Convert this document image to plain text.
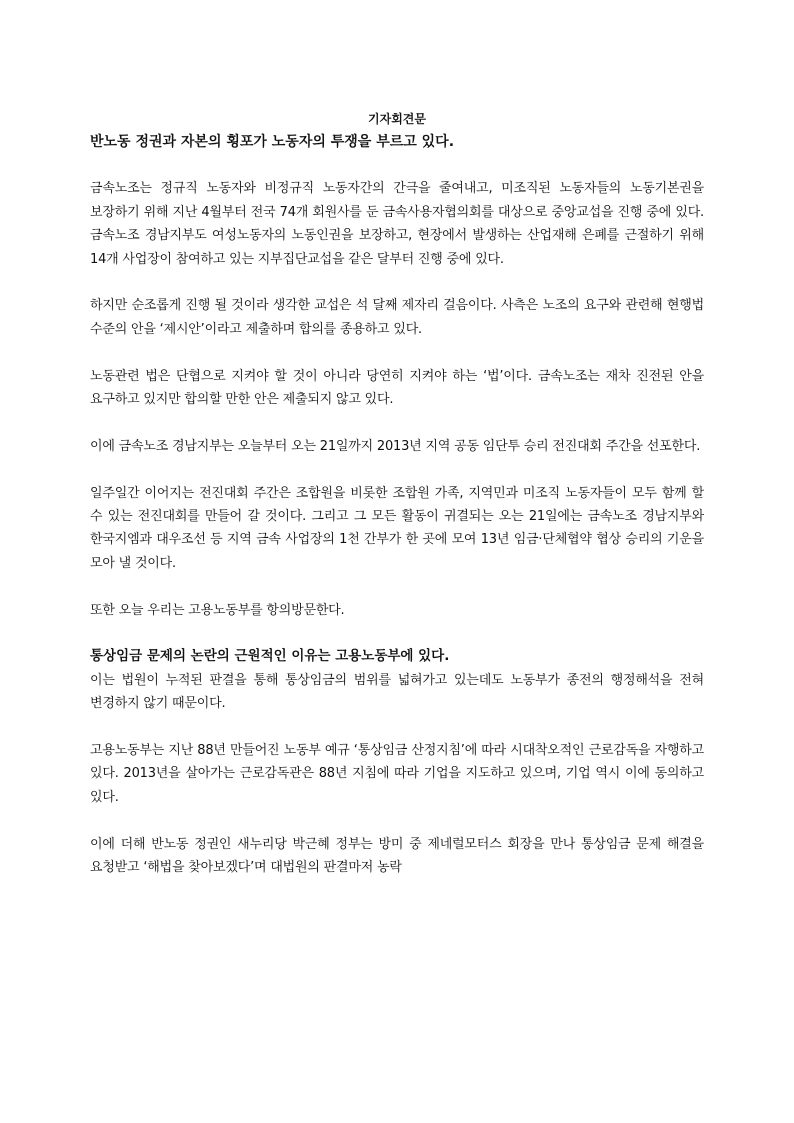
기자회견문

반노동 정권과 자본의 횡포가 노동자의 투쟁을 부르고 있다.

금속노조는 정규직 노동자와 비정규직 노동자간의 간극을 줄여내고, 미조직된 노동자들의 노동기본권을 보장하기 위해 지난 4월부터 전국 74개 회원사를 둔 금속사용자협의회를 대상으로 중앙교섭을 진행 중에 있다. 금속노조 경남지부도 여성노동자의 노동인권을 보장하고, 현장에서 발생하는 산업재해 은폐를 근절하기 위해 14개 사업장이 참여하고 있는 지부집단교섭을 같은 달부터 진행 중에 있다.

하지만 순조롭게 진행 될 것이라 생각한 교섭은 석 달째 제자리 걸음이다. 사측은 노조의 요구와 관련해 현행법 수준의 안을 ‘제시안’이라고 제출하며 합의를 종용하고 있다.

노동관련 법은 단협으로 지켜야 할 것이 아니라 당연히 지켜야 하는 ‘법’이다. 금속노조는 재차 진전된 안을 요구하고 있지만 합의할 만한 안은 제출되지 않고 있다.

이에 금속노조 경남지부는 오늘부터 오는 21일까지 2013년 지역 공동 임단투 승리 전진대회 주간을 선포한다.

일주일간 이어지는 전진대회 주간은 조합원을 비롯한 조합원 가족, 지역민과 미조직 노동자들이 모두 함께 할 수 있는 전진대회를 만들어 갈 것이다. 그리고 그 모든 활동이 귀결되는 오는 21일에는 금속노조 경남지부와 한국지엠과 대우조선 등 지역 금속 사업장의 1천 간부가 한 곳에 모여 13년 임금·단체협약 협상 승리의 기운을 모아 낼 것이다.

또한 오늘 우리는 고용노동부를 항의방문한다.

통상임금 문제의 논란의 근원적인 이유는 고용노동부에 있다.

이는 법원이 누적된 판결을 통해 통상임금의 범위를 넓혀가고 있는데도 노동부가 종전의 행정해석을 전혀 변경하지 않기 때문이다.

고용노동부는 지난 88년 만들어진 노동부 예규 ‘통상임금 산정지침’에 따라 시대착오적인 근로감독을 자행하고 있다. 2013년을 살아가는 근로감독관은 88년 지침에 따라 기업을 지도하고 있으며, 기업 역시 이에 동의하고 있다.

이에 더해 반노동 정권인 새누리당 박근혜 정부는 방미 중 제네럴모터스 회장을 만나 통상임금 문제 해결을 요청받고 ‘해법을 찾아보겠다’며 대법원의 판결마저 농락
